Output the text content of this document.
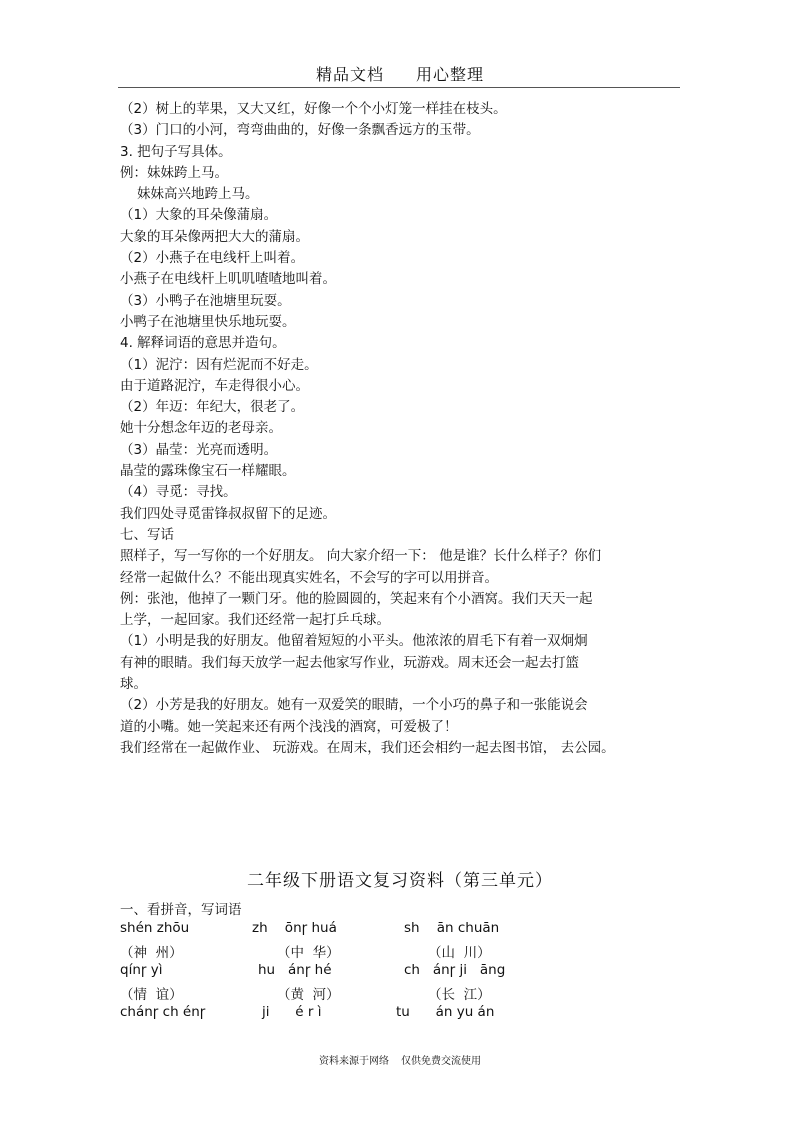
精品文档 用心整理
（2）树上的苹果，又大又红，好像一个个小灯笼一样挂在枝头。
（3）门口的小河，弯弯曲曲的，好像一条飘香远方的玉带。
3. 把句子写具体。
例：妹妹跨上马。
妹妹高兴地跨上马。
（1）大象的耳朵像蒲扇。
大象的耳朵像两把大大的蒲扇。
（2）小燕子在电线杆上叫着。
小燕子在电线杆上叽叽喳喳地叫着。
（3）小鸭子在池塘里玩耍。
小鸭子在池塘里快乐地玩耍。
4. 解释词语的意思并造句。
（1）泥泞：因有烂泥而不好走。
由于道路泥泞，车走得很小心。
（2）年迈：年纪大，很老了。
她十分想念年迈的老母亲。
（3）晶莹：光亮而透明。
晶莹的露珠像宝石一样耀眼。
（4）寻觅：寻找。
我们四处寻觅雷锋叔叔留下的足迹。
七、写话
照样子，写一写你的一个好朋友。 向大家介绍一下： 他是谁？长什么样子？你们
经常一起做什么？不能出现真实姓名，不会写的字可以用拼音。
例：张池，他掉了一颗门牙。他的脸圆圆的，笑起来有个小酒窝。我们天天一起
上学，一起回家。我们还经常一起打乒乓球。
（1）小明是我的好朋友。他留着短短的小平头。他浓浓的眉毛下有着一双炯炯
有神的眼睛。我们每天放学一起去他家写作业，玩游戏。周末还会一起去打篮
球。
（2）小芳是我的好朋友。她有一双爱笑的眼睛，一个小巧的鼻子和一张能说会
道的小嘴。她一笑起来还有两个浅浅的酒窝，可爱极了！
我们经常在一起做作业、 玩游戏。在周末，我们还会相约一起去图书馆， 去公园。
二年级下册语文复习资料（第三单元）
一、看拼音，写词语
shén zhōu	zh    ōnɼ huá	sh    ān chuān
（神  州）	（中  华）	（山  川）
qínɼ yì	hu   ánɼ hé	ch   ánɼ ji   āng
（情  谊）	（黄  河）	（长  江）
chánɼ ch énɼ	ji      é r ì	tu      án yu án
资料来源于网络 仅供免费交流使用
